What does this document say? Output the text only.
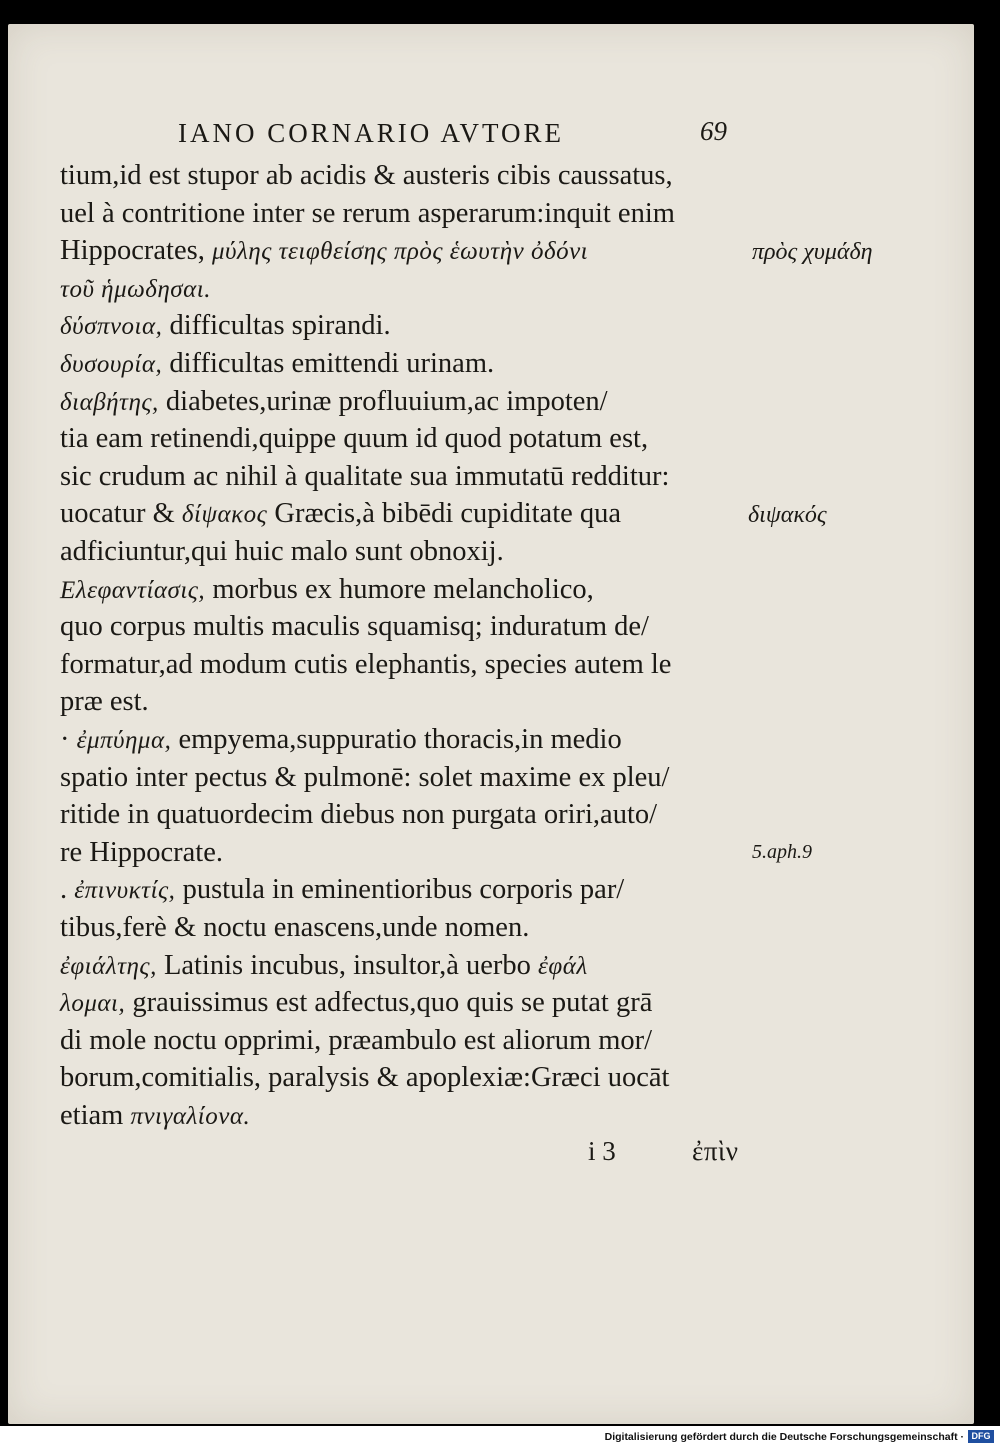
IANO CORNARIO AVTORE	69
tium,id est stupor ab acidis & austeris cibis caussatus,
uel à contritione inter se rerum asperarum:inquit enim
Hippocrates, μύλης τειφθείσης πρὸς ἑωυτὴν ὀδόνι
τοῦ ἡμωδησαι.
δύσπνοια, difficultas spirandi.
δυσουρία, difficultas emittendi urinam.
διαβήτης, diabetes,urinæ profluuium,ac impoten/
tia eam retinendi,quippe quum id quod potatum est,
sic crudum ac nihil à qualitate sua immutatū redditur:
uocatur & δίψακος Græcis,à bibēdi cupiditate qua
adficiuntur,qui huic malo sunt obnoxij.
Ελεφαντίασις, morbus ex humore melancholico,
quo corpus multis maculis squamisq; induratum de/
formatur,ad modum cutis elephantis, species autem le
præ est.
· ἐμπύημα, empyema,suppuratio thoracis,in medio
spatio inter pectus & pulmonē: solet maxime ex pleu/
ritide in quatuordecim diebus non purgata oriri,auto/
re Hippocrate.
. ἐπινυκτίς, pustula in eminentioribus corporis par/
tibus,ferè & noctu enascens,unde nomen.
ἐφιάλτης, Latinis incubus, insultor,à uerbo ἐφάλ
λομαι, grauissimus est adfectus,quo quis se putat grā
di mole noctu opprimi, præambulo est aliorum mor/
borum,comitialis, paralysis & apoplexiæ:Græci uocāt
etiam πνιγαλίονα.
πρὸς χυμάδη
διψακός
5.aph.9
i 3	ἐπὶν
Digitalisierung gefördert durch die Deutsche Forschungsgemeinschaft · DFG
